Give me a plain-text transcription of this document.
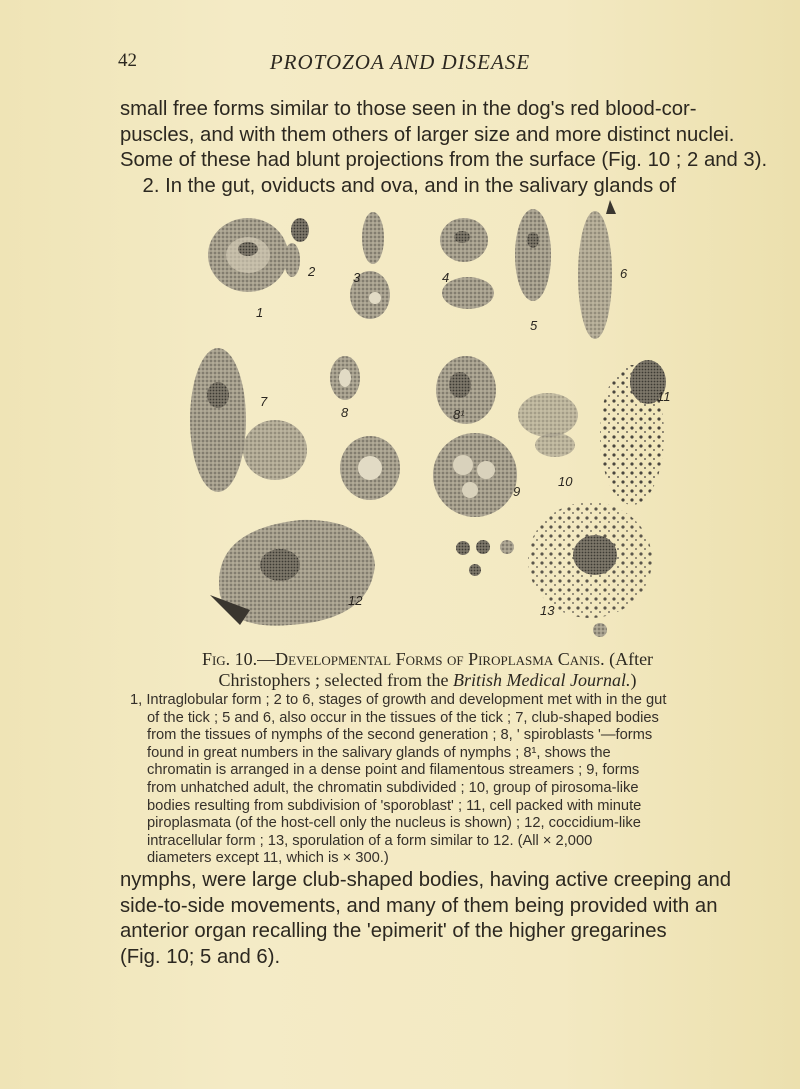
42	PROTOZOA AND DISEASE
small free forms similar to those seen in the dog's red blood-cor-
puscles, and with them others of larger size and more distinct nuclei.
Some of these had blunt projections from the surface (Fig. 10 ; 2 and 3).
2. In the gut, oviducts and ova, and in the salivary glands of
1
2	3	4
5
6
7
8	8¹
9
10
11
12
13
Fig. 10.—Developmental Forms of Piroplasma Canis. (After
Christophers ; selected from the British Medical Journal.)
1, Intraglobular form ; 2 to 6, stages of growth and development met with in the gut
of the tick ; 5 and 6, also occur in the tissues of the tick ; 7, club-shaped bodies
from the tissues of nymphs of the second generation ; 8, ' spiroblasts '—forms
found in great numbers in the salivary glands of nymphs ; 8¹, shows the
chromatin is arranged in a dense point and filamentous streamers ; 9, forms
from unhatched adult, the chromatin subdivided ; 10, group of pirosoma-like
bodies resulting from subdivision of 'sporoblast' ; 11, cell packed with minute
piroplasmata (of the host-cell only the nucleus is shown) ; 12, coccidium-like
intracellular form ; 13, sporulation of a form similar to 12. (All × 2,000
diameters except 11, which is × 300.)
nymphs, were large club-shaped bodies, having active creeping and
side-to-side movements, and many of them being provided with an
anterior organ recalling the 'epimerit' of the higher gregarines
(Fig. 10; 5 and 6).
